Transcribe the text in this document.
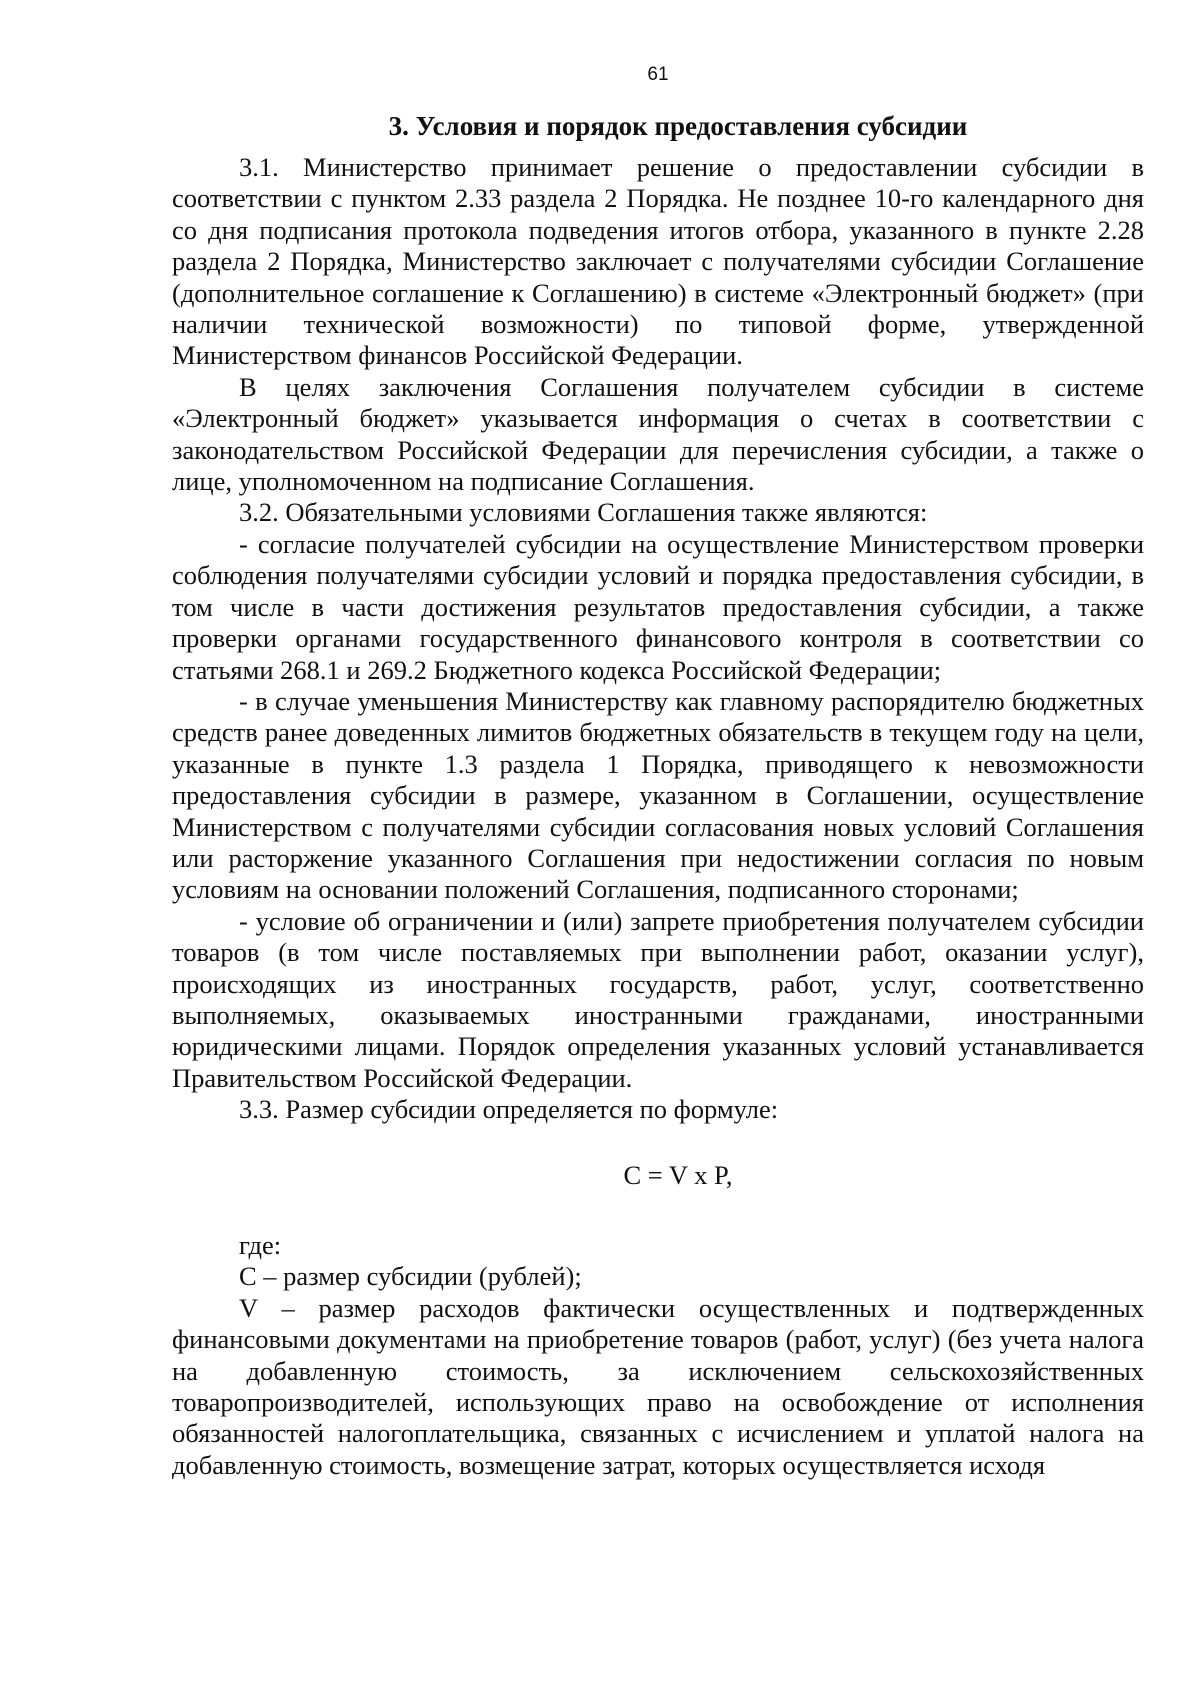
61
3. Условия и порядок предоставления субсидии

3.1. Министерство принимает решение о предоставлении субсидии в соответствии с пунктом 2.33 раздела 2 Порядка. Не позднее 10-го календарного дня со дня подписания протокола подведения итогов отбора, указанного в пункте 2.28 раздела 2 Порядка, Министерство заключает с получателями субсидии Соглашение (дополнительное соглашение к Соглашению) в системе «Электронный бюджет» (при наличии технической возможности) по типовой форме, утвержденной Министерством финансов Российской Федерации.

В целях заключения Соглашения получателем субсидии в системе «Электронный бюджет» указывается информация о счетах в соответствии с законодательством Российской Федерации для перечисления субсидии, а также о лице, уполномоченном на подписание Соглашения.

3.2. Обязательными условиями Соглашения также являются:

- согласие получателей субсидии на осуществление Министерством проверки соблюдения получателями субсидии условий и порядка предоставления субсидии, в том числе в части достижения результатов предоставления субсидии, а также проверки органами государственного финансового контроля в соответствии со статьями 268.1 и 269.2 Бюджетного кодекса Российской Федерации;

- в случае уменьшения Министерству как главному распорядителю бюджетных средств ранее доведенных лимитов бюджетных обязательств в текущем году на цели, указанные в пункте 1.3 раздела 1 Порядка, приводящего к невозможности предоставления субсидии в размере, указанном в Соглашении, осуществление Министерством с получателями субсидии согласования новых условий Соглашения или расторжение указанного Соглашения при недостижении согласия по новым условиям на основании положений Соглашения, подписанного сторонами;

- условие об ограничении и (или) запрете приобретения получателем субсидии товаров (в том числе поставляемых при выполнении работ, оказании услуг), происходящих из иностранных государств, работ, услуг, соответственно выполняемых, оказываемых иностранными гражданами, иностранными юридическими лицами. Порядок определения указанных условий устанавливается Правительством Российской Федерации.

3.3. Размер субсидии определяется по формуле:

C = V x P,

где:

C – размер субсидии (рублей);

V – размер расходов фактически осуществленных и подтвержденных финансовыми документами на приобретение товаров (работ, услуг) (без учета налога на добавленную стоимость, за исключением сельскохозяйственных товаропроизводителей, использующих право на освобождение от исполнения обязанностей налогоплательщика, связанных с исчислением и уплатой налога на добавленную стоимость, возмещение затрат, которых осуществляется исходя
